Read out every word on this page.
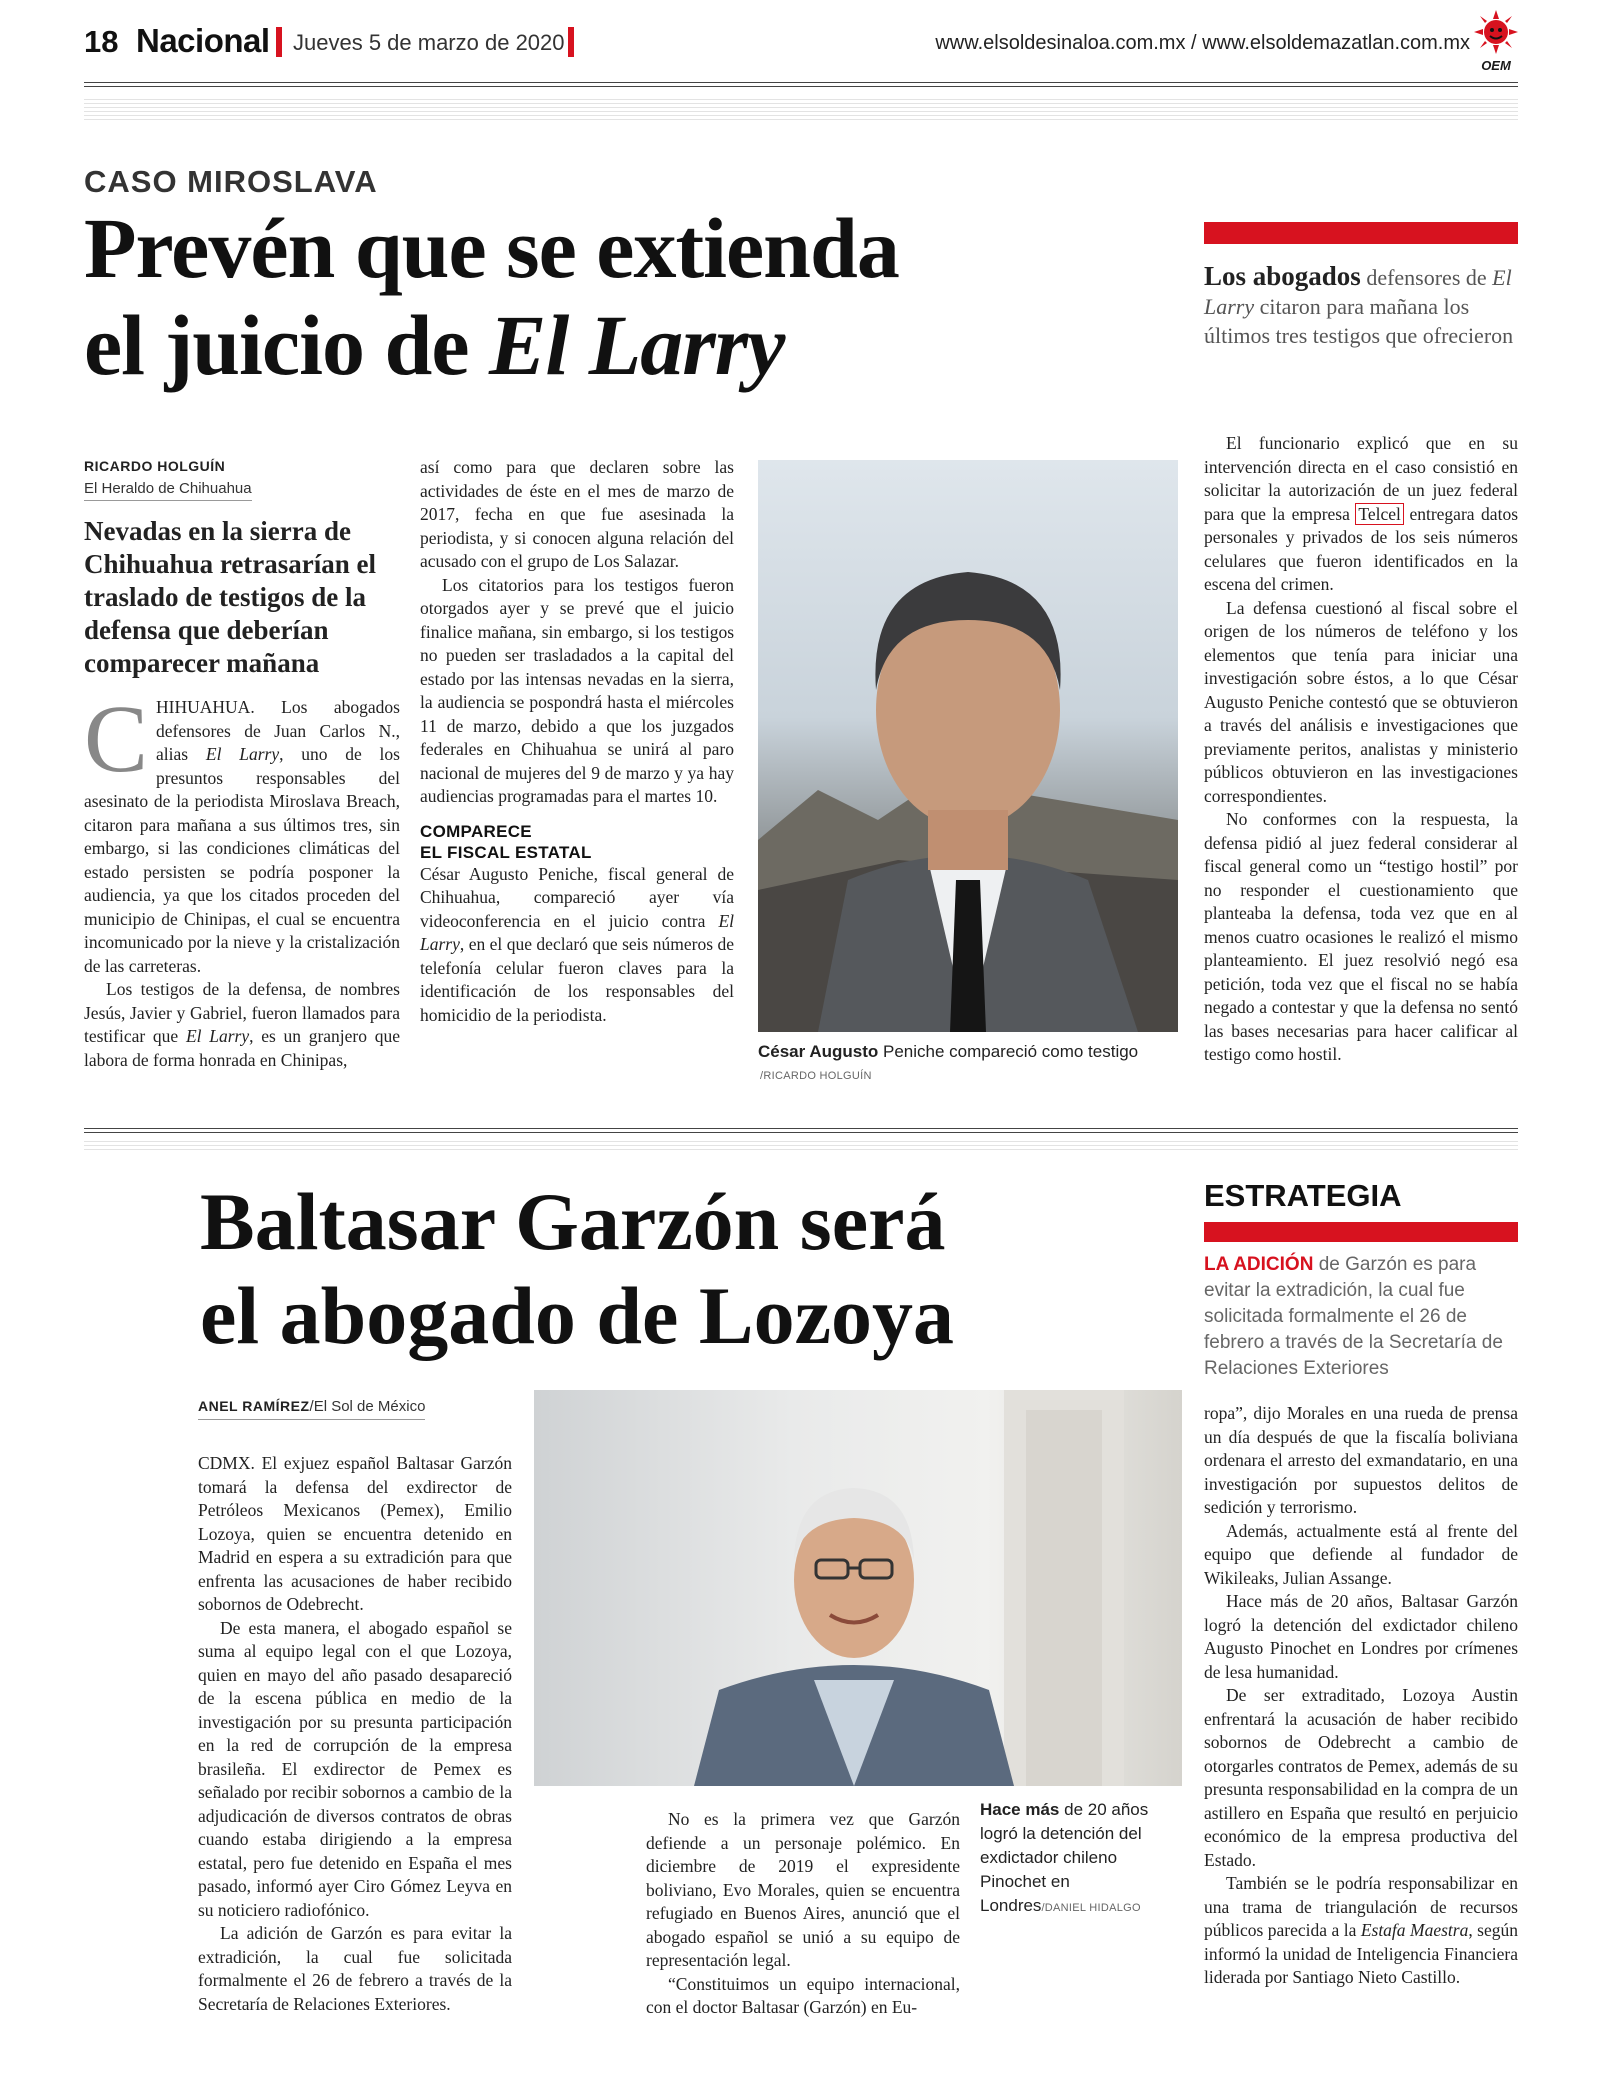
18 Nacional Jueves 5 de marzo de 2020	www.elsoldesinaloa.com.mx / www.elsoldemazatlan.com.mx
OEM
CASO MIROSLAVA
Prevén que se extienda
el juicio de El Larry
Los abogados defensores de El Larry citaron para mañana los últimos tres testigos que ofrecieron
RICARDO HOLGUÍN
El Heraldo de Chihuahua
Nevadas en la sierra de Chihuahua retrasarían el traslado de testigos de la defensa que deberían comparecer mañana

CHIHUAHUA. Los abogados defensores de Juan Carlos N., alias El Larry, uno de los presuntos responsables del asesinato de la periodista Miroslava Breach, citaron para mañana a sus últimos tres, sin embargo, si las condiciones climáticas del estado persisten se podría posponer la audiencia, ya que los citados proceden del municipio de Chinipas, el cual se encuentra incomunicado por la nieve y la cristalización de las carreteras.

Los testigos de la defensa, de nombres Jesús, Javier y Gabriel, fueron llamados para testificar que El Larry, es un granjero que labora de forma honrada en Chinipas,

así como para que declaren sobre las actividades de éste en el mes de marzo de 2017, fecha en que fue asesinada la periodista, y si conocen alguna relación del acusado con el grupo de Los Salazar.

Los citatorios para los testigos fueron otorgados ayer y se prevé que el juicio finalice mañana, sin embargo, si los testigos no pueden ser trasladados a la capital del estado por las intensas nevadas en la sierra, la audiencia se pospondrá hasta el miércoles 11 de marzo, debido a que los juzgados federales en Chihuahua se unirá al paro nacional de mujeres del 9 de marzo y ya hay audiencias programadas para el martes 10.

COMPARECE
EL FISCAL ESTATAL

César Augusto Peniche, fiscal general de Chihuahua, compareció ayer vía videoconferencia en el juicio contra El Larry, en el que declaró que seis números de telefonía celular fueron claves para la identificación de los responsables del homicidio de la periodista.

César Augusto Peniche compareció como testigo
/RICARDO HOLGUÍN

El funcionario explicó que en su intervención directa en el caso consistió en solicitar la autorización de un juez federal para que la empresa Telcel entregara datos personales y privados de los seis números celulares que fueron identificados en la escena del crimen.

La defensa cuestionó al fiscal sobre el origen de los números de teléfono y los elementos que tenía para iniciar una investigación sobre éstos, a lo que César Augusto Peniche contestó que se obtuvieron a través del análisis e investigaciones que previamente peritos, analistas y ministerio públicos obtuvieron en las investigaciones correspondientes.

No conformes con la respuesta, la defensa pidió al juez federal considerar al fiscal general como un “testigo hostil” por no responder el cuestionamiento que planteaba la defensa, toda vez que en al menos cuatro ocasiones le realizó el mismo planteamiento. El juez resolvió negó esa petición, toda vez que el fiscal no se había negado a contestar y que la defensa no sentó las bases necesarias para hacer calificar al testigo como hostil.

Baltasar Garzón será
el abogado de Lozoya
ESTRATEGIA
LA ADICIÓN de Garzón es para evitar la extradición, la cual fue solicitada formalmente el 26 de febrero a través de la Secretaría de Relaciones Exteriores
ANEL RAMÍREZ/El Sol de México

CDMX. El exjuez español Baltasar Garzón tomará la defensa del exdirector de Petróleos Mexicanos (Pemex), Emilio Lozoya, quien se encuentra detenido en Madrid en espera a su extradición para que enfrenta las acusaciones de haber recibido sobornos de Odebrecht.

De esta manera, el abogado español se suma al equipo legal con el que Lozoya, quien en mayo del año pasado desapareció de la escena pública en medio de la investigación por su presunta participación en la red de corrupción de la empresa brasileña. El exdirector de Pemex es señalado por recibir sobornos a cambio de la adjudicación de diversos contratos de obras cuando estaba dirigiendo a la empresa estatal, pero fue detenido en España el mes pasado, informó ayer Ciro Gómez Leyva en su noticiero radiofónico.

La adición de Garzón es para evitar la extradición, la cual fue solicitada formalmente el 26 de febrero a través de la Secretaría de Relaciones Exteriores.

No es la primera vez que Garzón defiende a un personaje polémico. En diciembre de 2019 el expresidente boliviano, Evo Morales, quien se encuentra refugiado en Buenos Aires, anunció que el abogado español se unió a su equipo de representación legal.

“Constituimos un equipo internacional, con el doctor Baltasar (Garzón) en Eu-

Hace más de 20 años logró la detención del exdictador chileno Pinochet en Londres/DANIEL HIDALGO

ropa”, dijo Morales en una rueda de prensa un día después de que la fiscalía boliviana ordenara el arresto del exmandatario, en una investigación por supuestos delitos de sedición y terrorismo.

Además, actualmente está al frente del equipo que defiende al fundador de Wikileaks, Julian Assange.

Hace más de 20 años, Baltasar Garzón logró la detención del exdictador chileno Augusto Pinochet en Londres por crímenes de lesa humanidad.

De ser extraditado, Lozoya Austin enfrentará la acusación de haber recibido sobornos de Odebrecht a cambio de otorgarles contratos de Pemex, además de su presunta responsabilidad en la compra de un astillero en España que resultó en perjuicio económico de la empresa productiva del Estado.

También se le podría responsabilizar en una trama de triangulación de recursos públicos parecida a la Estafa Maestra, según informó la unidad de Inteligencia Financiera liderada por Santiago Nieto Castillo.
